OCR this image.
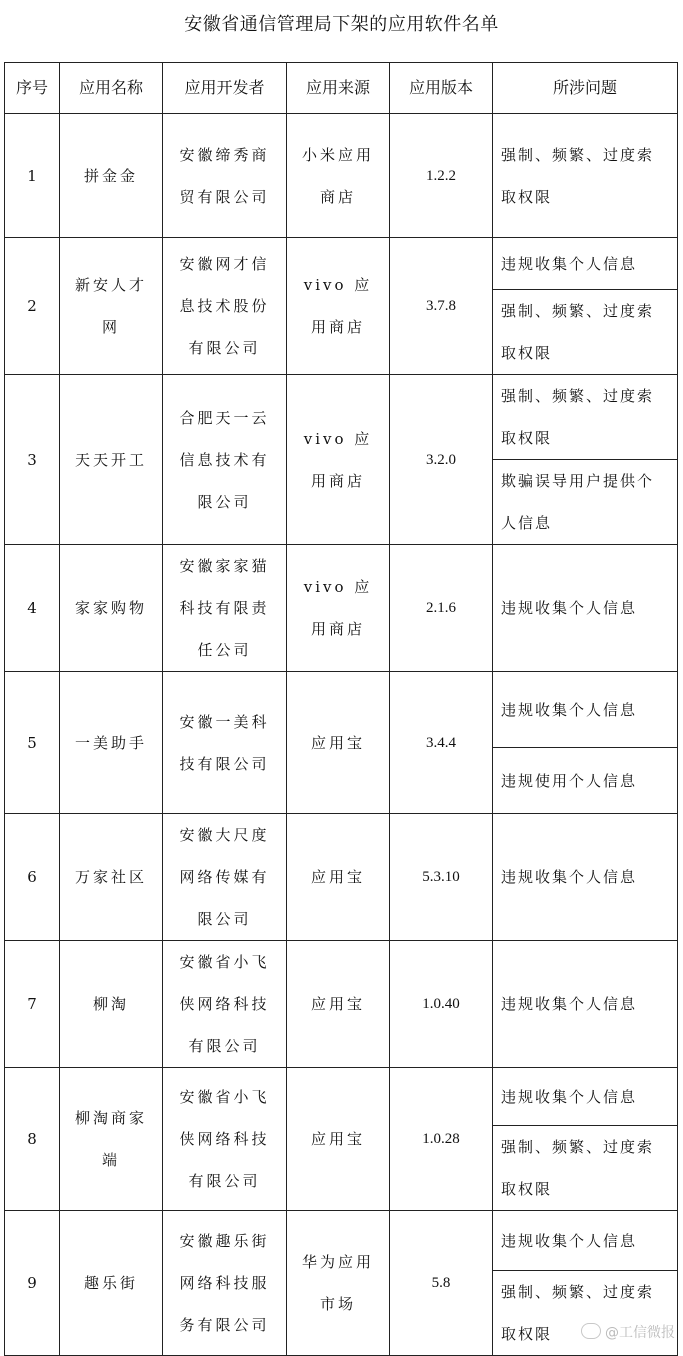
安徽省通信管理局下架的应用软件名单
序号	应用名称	应用开发者	应用来源	应用版本	所涉问题
1	拼金金	安徽缔秀商贸有限公司	小米应用商店	1.2.2	强制、频繁、过度索取权限
2	新安人才网	安徽网才信息技术股份有限公司	vivo 应用商店	3.7.8	违规收集个人信息
					强制、频繁、过度索取权限
3	天天开工	合肥天一云信息技术有限公司	vivo 应用商店	3.2.0	强制、频繁、过度索取权限
					欺骗误导用户提供个人信息
4	家家购物	安徽家家猫科技有限责任公司	vivo 应用商店	2.1.6	违规收集个人信息
5	一美助手	安徽一美科技有限公司	应用宝	3.4.4	违规收集个人信息
					违规使用个人信息
6	万家社区	安徽大尺度网络传媒有限公司	应用宝	5.3.10	违规收集个人信息
7	柳淘	安徽省小飞侠网络科技有限公司	应用宝	1.0.40	违规收集个人信息
8	柳淘商家端	安徽省小飞侠网络科技有限公司	应用宝	1.0.28	违规收集个人信息
					强制、频繁、过度索取权限
9	趣乐街	安徽趣乐街网络科技服务有限公司	华为应用市场	5.8	违规收集个人信息
					强制、频繁、过度索取权限	@工信微报
